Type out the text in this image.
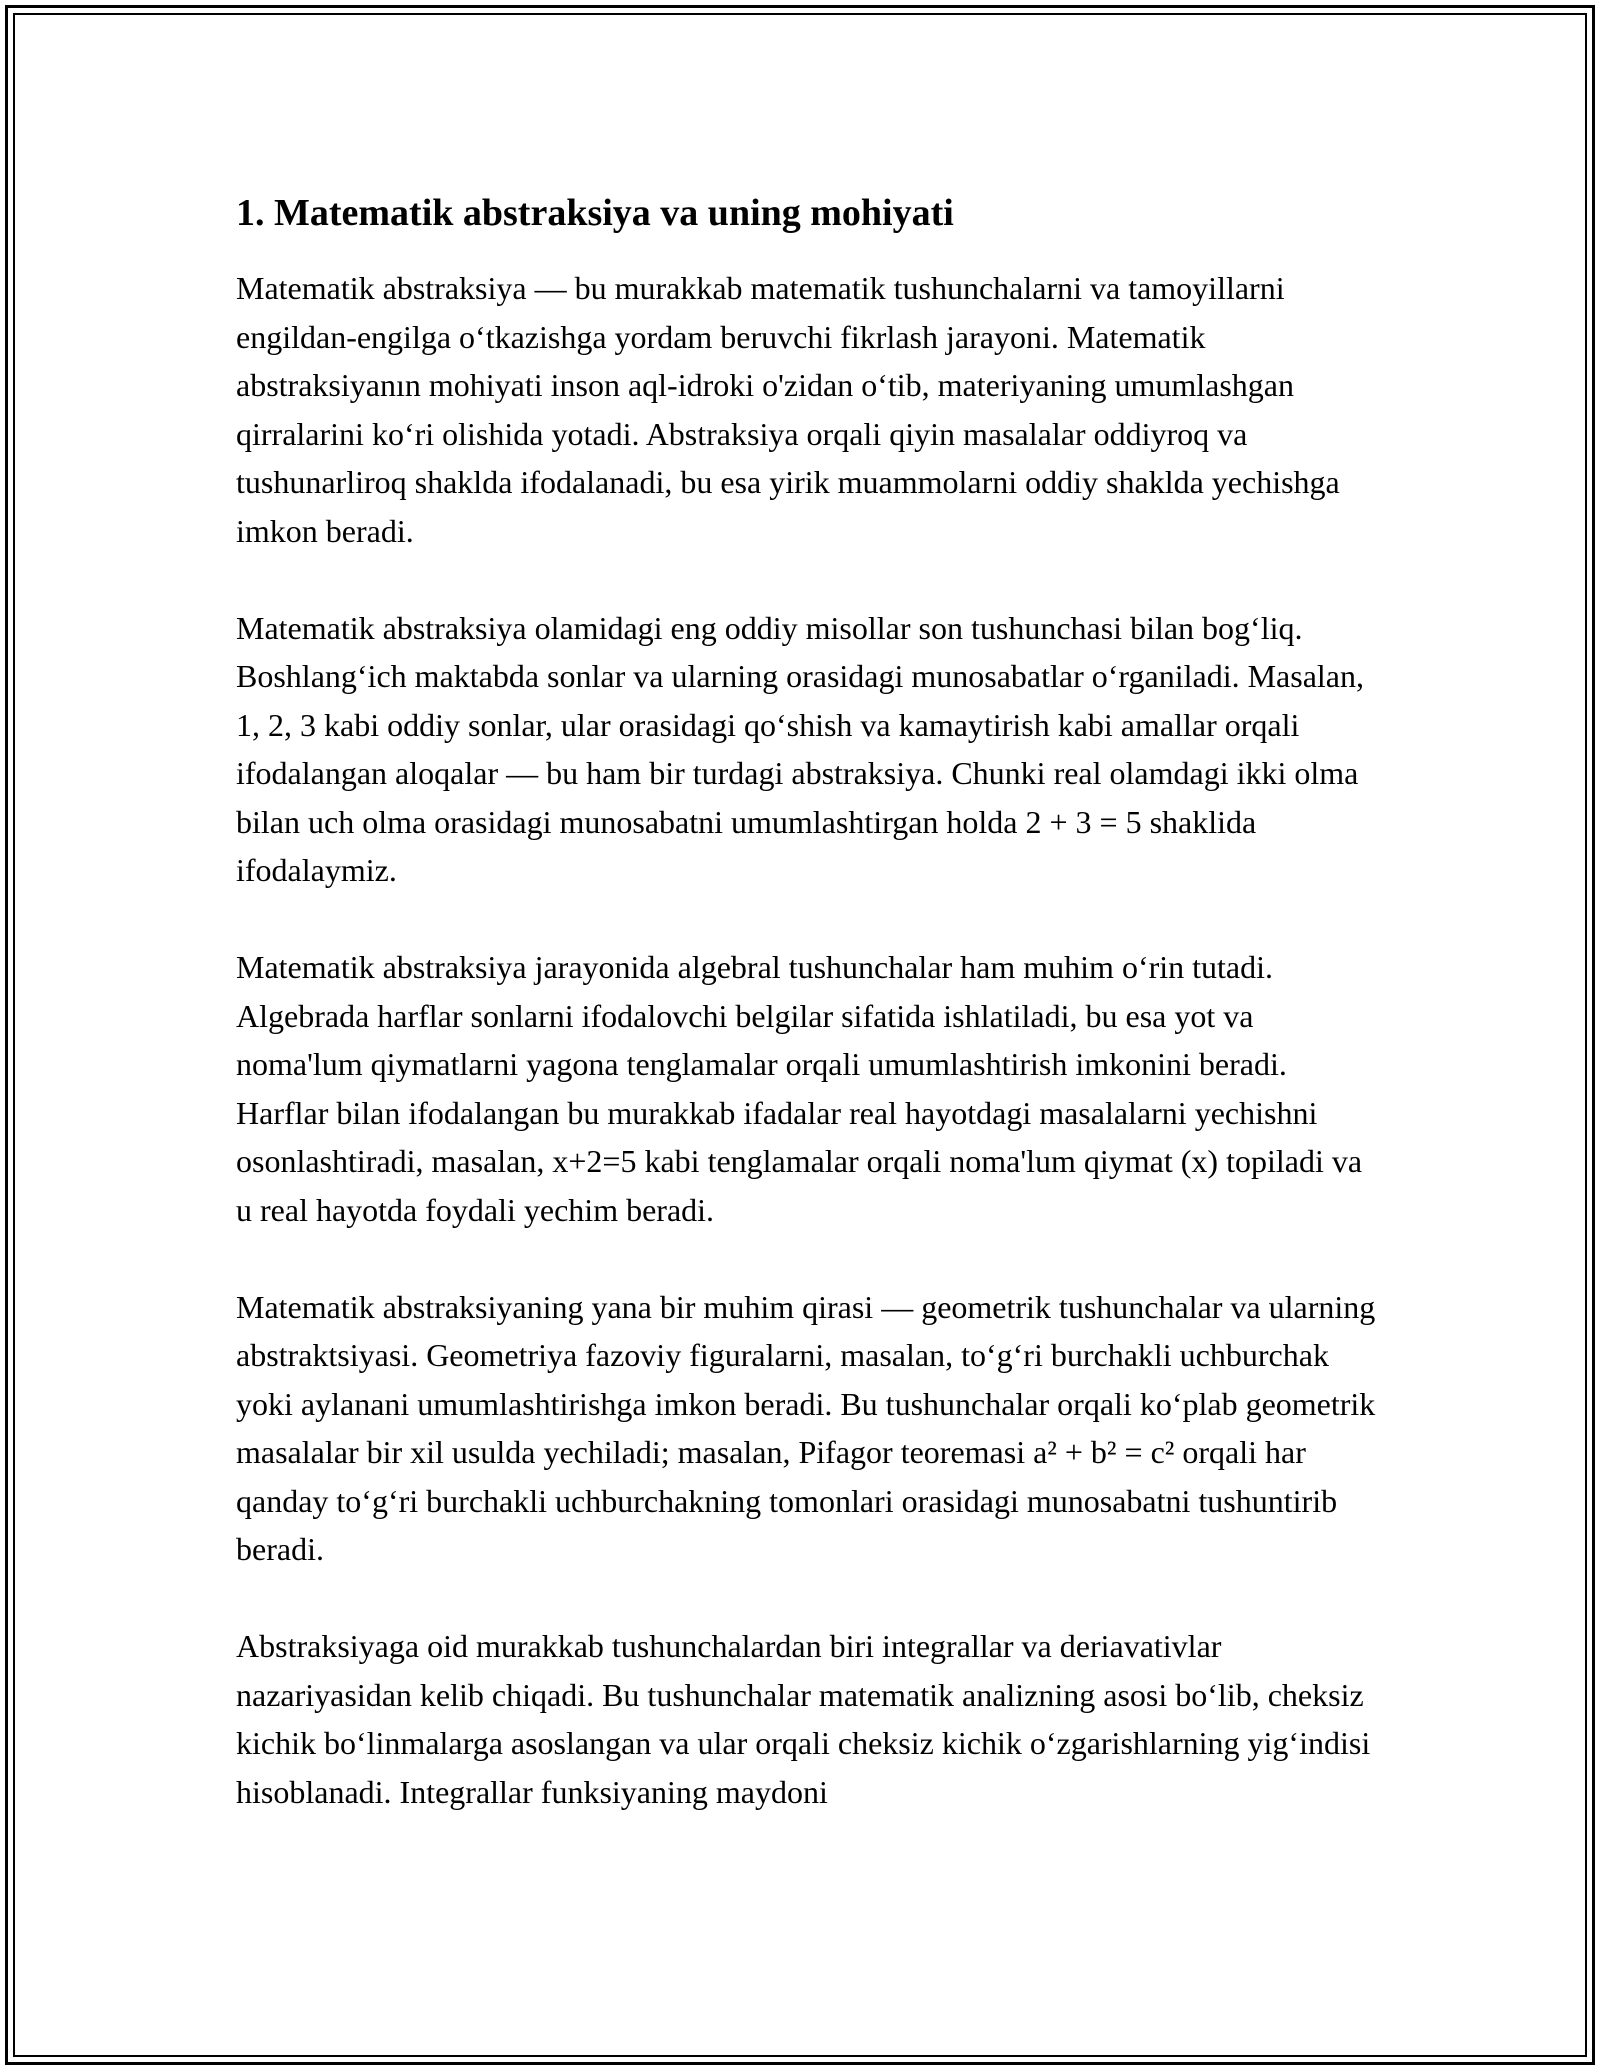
1. Matematik abstraksiya va uning mohiyati

Matematik abstraksiya — bu murakkab matematik tushunchalarni va tamoyillarni engildan-engilga oʻtkazishga yordam beruvchi fikrlash jarayoni. Matematik abstraksiyanın mohiyati inson aql-idroki o'zidan oʻtib, materiyaning umumlashgan qirralarini koʻri olishida yotadi. Abstraksiya orqali qiyin masalalar oddiyroq va tushunarliroq shaklda ifodalanadi, bu esa yirik muammolarni oddiy shaklda yechishga imkon beradi.

Matematik abstraksiya olamidagi eng oddiy misollar son tushunchasi bilan bogʻliq. Boshlangʻich maktabda sonlar va ularning orasidagi munosabatlar oʻrganiladi. Masalan, 1, 2, 3 kabi oddiy sonlar, ular orasidagi qoʻshish va kamaytirish kabi amallar orqali ifodalangan aloqalar — bu ham bir turdagi abstraksiya. Chunki real olamdagi ikki olma bilan uch olma orasidagi munosabatni umumlashtirgan holda 2 + 3 = 5 shaklida ifodalaymiz.

Matematik abstraksiya jarayonida algebral tushunchalar ham muhim oʻrin tutadi. Algebrada harflar sonlarni ifodalovchi belgilar sifatida ishlatiladi, bu esa yot va noma'lum qiymatlarni yagona tenglamalar orqali umumlashtirish imkonini beradi. Harflar bilan ifodalangan bu murakkab ifadalar real hayotdagi masalalarni yechishni osonlashtiradi, masalan, x+2=5 kabi tenglamalar orqali noma'lum qiymat (x) topiladi va u real hayotda foydali yechim beradi.

Matematik abstraksiyaning yana bir muhim qirasi — geometrik tushunchalar va ularning abstraktsiyasi. Geometriya fazoviy figuralarni, masalan, toʻgʻri burchakli uchburchak yoki aylanani umumlashtirishga imkon beradi. Bu tushunchalar orqali koʻplab geometrik masalalar bir xil usulda yechiladi; masalan, Pifagor teoremasi a² + b² = c² orqali har qanday toʻgʻri burchakli uchburchakning tomonlari orasidagi munosabatni tushuntirib beradi.

Abstraksiyaga oid murakkab tushunchalardan biri integrallar va deriavativlar nazariyasidan kelib chiqadi. Bu tushunchalar matematik analizning asosi boʻlib, cheksiz kichik boʻlinmalarga asoslangan va ular orqali cheksiz kichik oʻzgarishlarning yigʻindisi hisoblanadi. Integrallar funksiyaning maydoni
